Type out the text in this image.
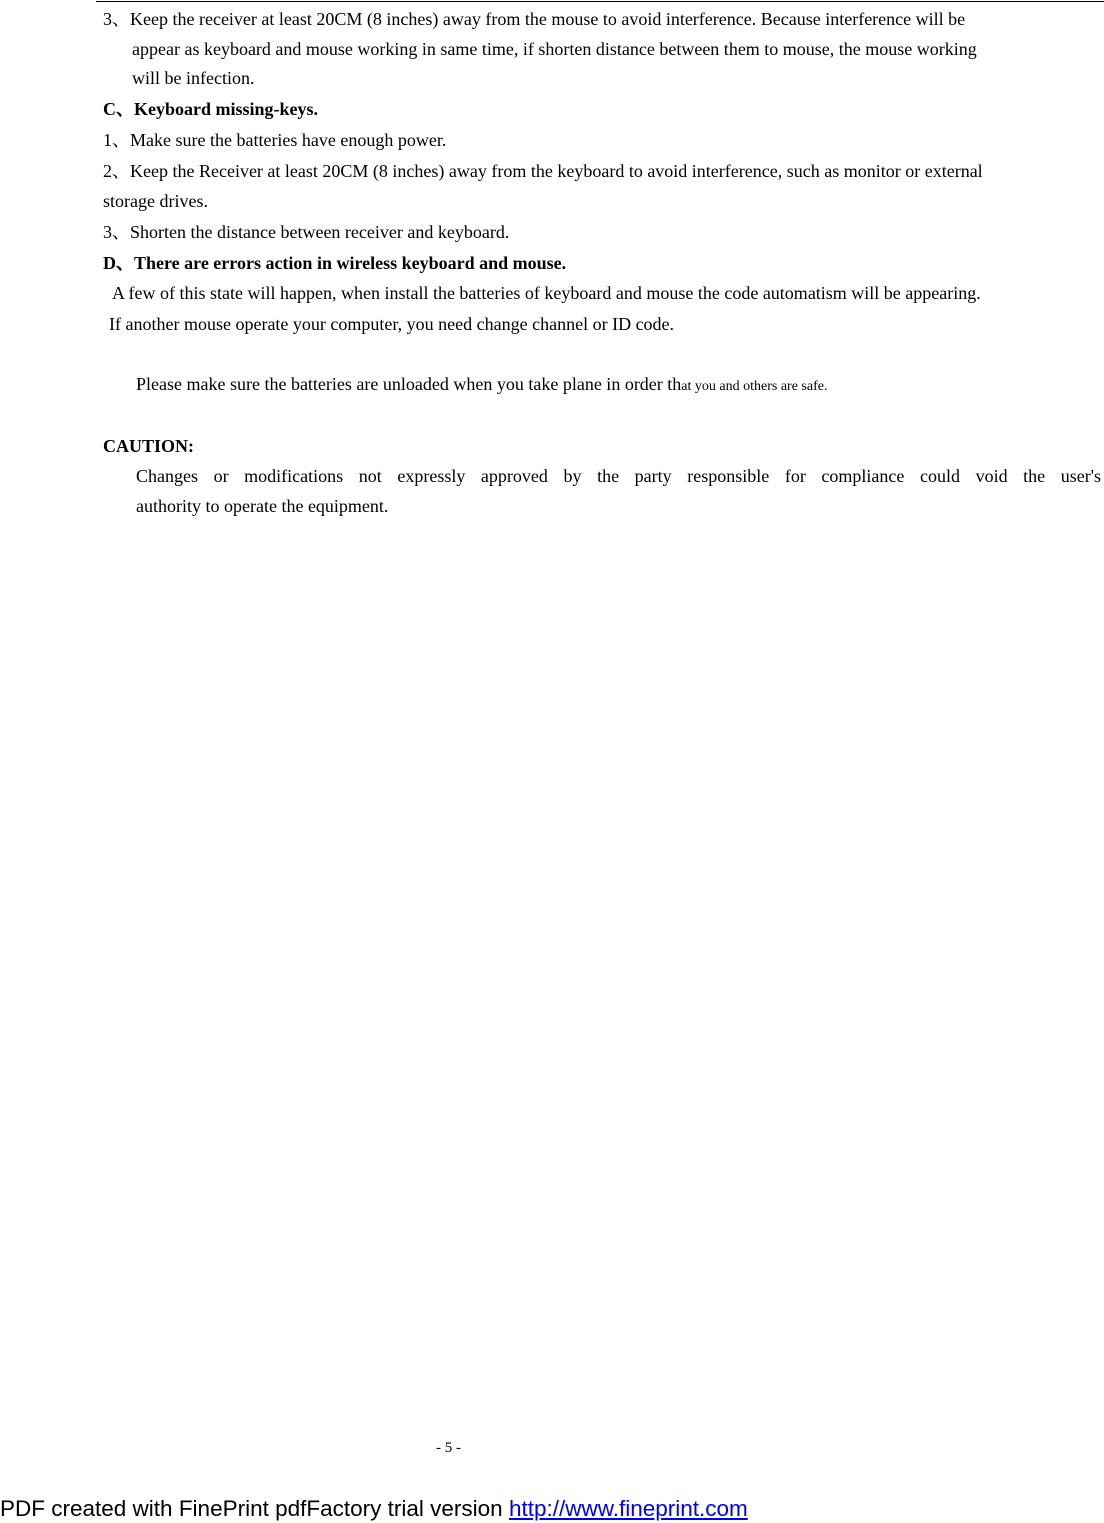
3、Keep the receiver at least 20CM (8 inches) away from the mouse to avoid interference. Because interference will be
appear as keyboard and mouse working in same time, if shorten distance between them to mouse, the mouse working
will be infection.
C、Keyboard missing-keys.
1、Make sure the batteries have enough power.
2、Keep the Receiver at least 20CM (8 inches) away from the keyboard to avoid interference, such as monitor or external
storage drives.
3、Shorten the distance between receiver and keyboard.
D、There are errors action in wireless keyboard and mouse.
A few of this state will happen, when install the batteries of keyboard and mouse the code automatism will be appearing.
If another mouse operate your computer, you need change channel or ID code.
Please make sure the batteries are unloaded when you take plane in order that you and others are safe.
CAUTION:
Changes or modifications not expressly approved by the party responsible for compliance could void the user's
authority to operate the equipment.
- 5 -
PDF created with FinePrint pdfFactory trial version http://www.fineprint.com
